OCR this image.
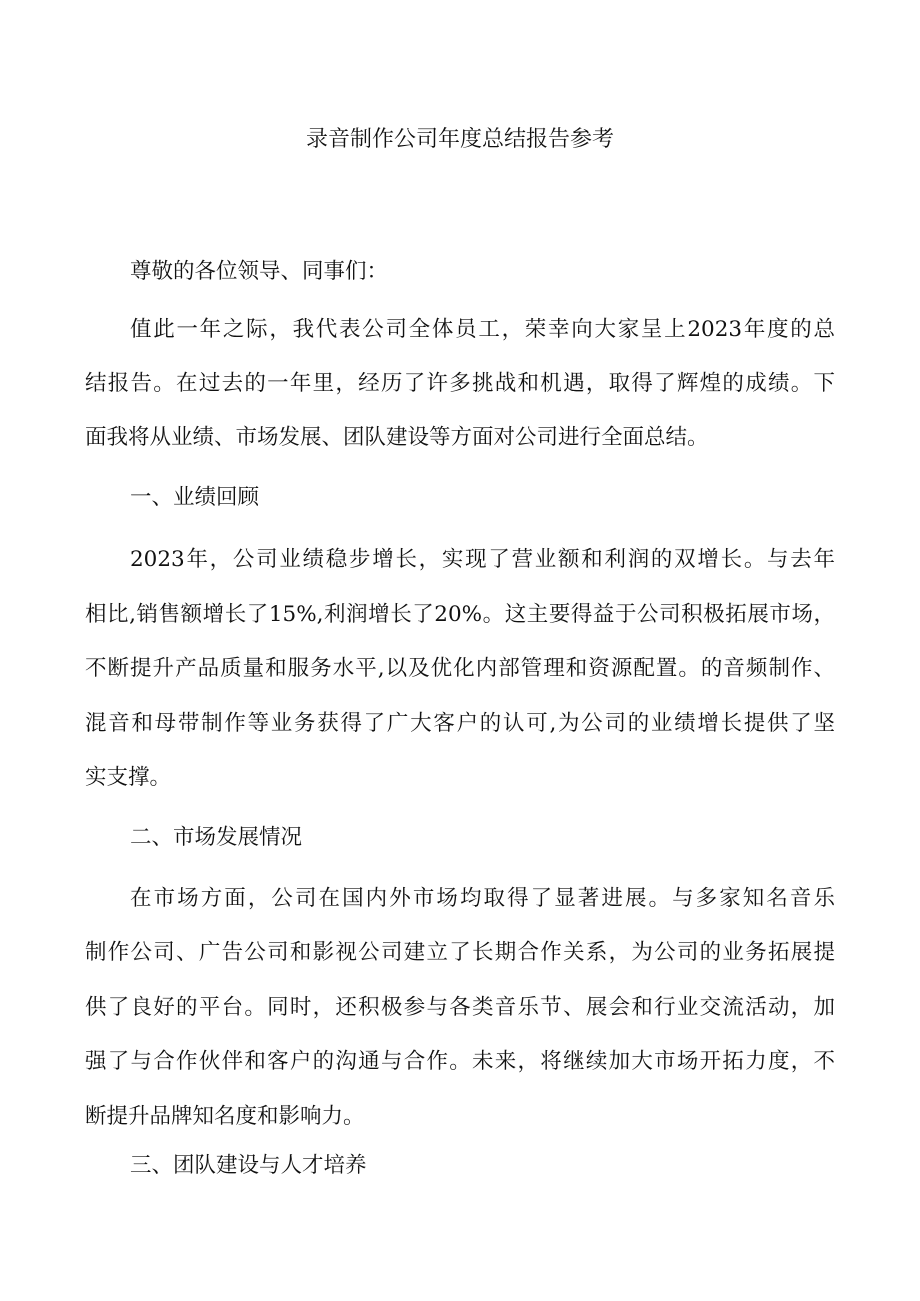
录音制作公司年度总结报告参考

尊敬的各位领导、同事们：

值此一年之际，我代表公司全体员工，荣幸向大家呈上2023年度的总

结报告。在过去的一年里，经历了许多挑战和机遇，取得了辉煌的成绩。下

面我将从业绩、市场发展、团队建设等方面对公司进行全面总结。

一、业绩回顾

2023年，公司业绩稳步增长，实现了营业额和利润的双增长。与去年

相比,销售额增长了15%,利润增长了20%。这主要得益于公司积极拓展市场，

不断提升产品质量和服务水平,以及优化内部管理和资源配置。的音频制作、

混音和母带制作等业务获得了广大客户的认可,为公司的业绩增长提供了坚

实支撑。

二、市场发展情况

在市场方面，公司在国内外市场均取得了显著进展。与多家知名音乐

制作公司、广告公司和影视公司建立了长期合作关系，为公司的业务拓展提

供了良好的平台。同时，还积极参与各类音乐节、展会和行业交流活动，加

强了与合作伙伴和客户的沟通与合作。未来，将继续加大市场开拓力度，不

断提升品牌知名度和影响力。

三、团队建设与人才培养
